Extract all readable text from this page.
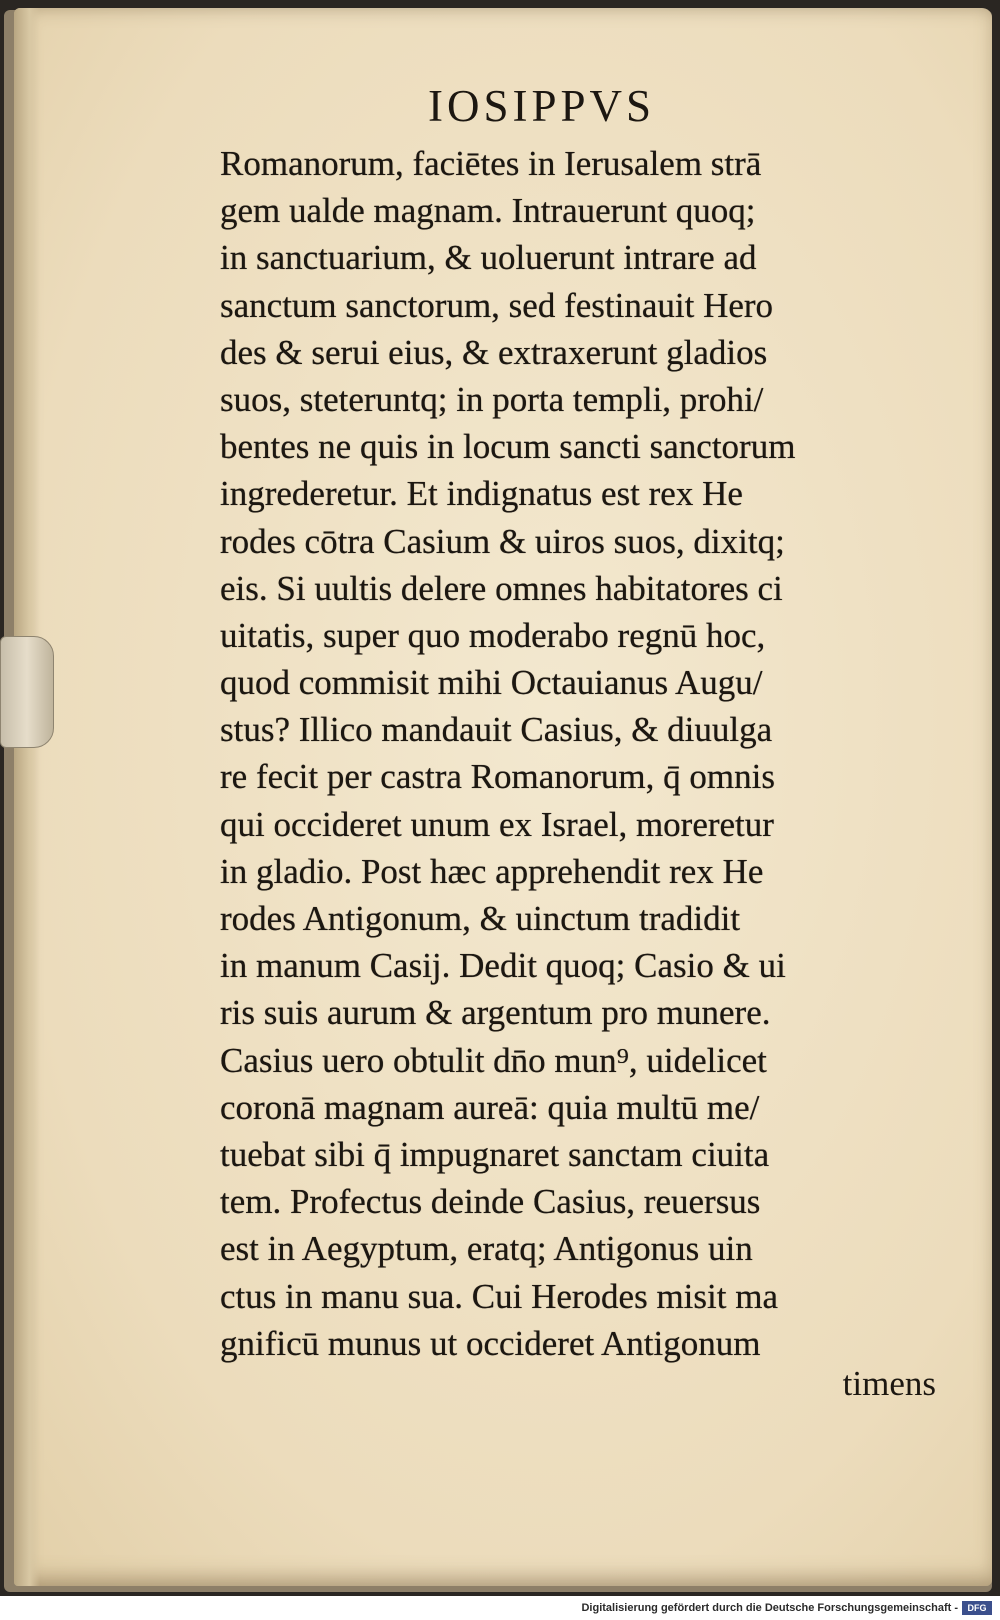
IOSIPPVS
Romanorum, faciētes in Ierusalem strā
gem ualde magnam. Intrauerunt quoq;
in sanctuarium, & uoluerunt intrare ad
sanctum sanctorum, sed festinauit Hero
des & serui eius, & extraxerunt gladios
suos, steteruntq; in porta templi, prohi/
bentes ne quis in locum sancti sanctorum
ingrederetur. Et indignatus est rex He
rodes cōtra Casium & uiros suos, dixitq;
eis. Si uultis delere omnes habitatores ci
uitatis, super quo moderabo regnū hoc,
quod commisit mihi Octauianus Augu/
stus? Illico mandauit Casius, & diuulga
re fecit per castra Romanorum, q̄ omnis
qui occideret unum ex Israel, moreretur
in gladio. Post hæc apprehendit rex He
rodes Antigonum, & uinctum tradidit
in manum Casij. Dedit quoq; Casio & ui
ris suis aurum & argentum pro munere.
Casius uero obtulit dn̄o mun⁹, uidelicet
coronā magnam aureā: quia multū me/
tuebat sibi q̄ impugnaret sanctam ciuita
tem. Profectus deinde Casius, reuersus
est in Aegyptum, eratq; Antigonus uin
ctus in manu sua. Cui Herodes misit ma
gnificū munus ut occideret Antigonum
timens
Digitalisierung gefördert durch die Deutsche Forschungsgemeinschaft -	DFG
